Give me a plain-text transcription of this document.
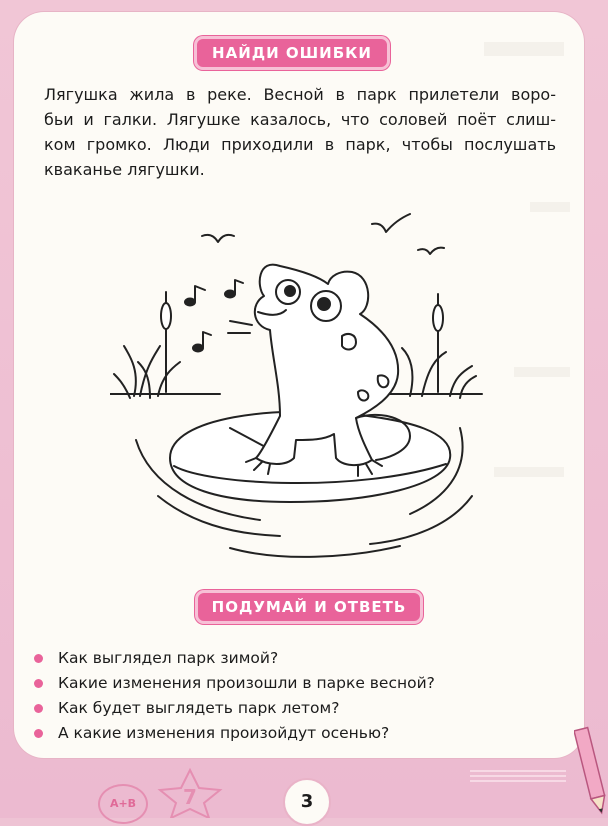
НАЙДИ ОШИБКИ
Лягушка жила в реке. Весной в парк прилетели воро-
бьи и галки. Лягушке казалось, что соловей поёт слиш-
ком громко. Люди приходили в парк, чтобы послушать
кваканье лягушки.
ПОДУМАЙ И ОТВЕТЬ
Как выглядел парк зимой?
Какие изменения произошли в парке весной?
Как будет выглядеть парк летом?
А какие изменения произойдут осенью?
А+В	7	3
